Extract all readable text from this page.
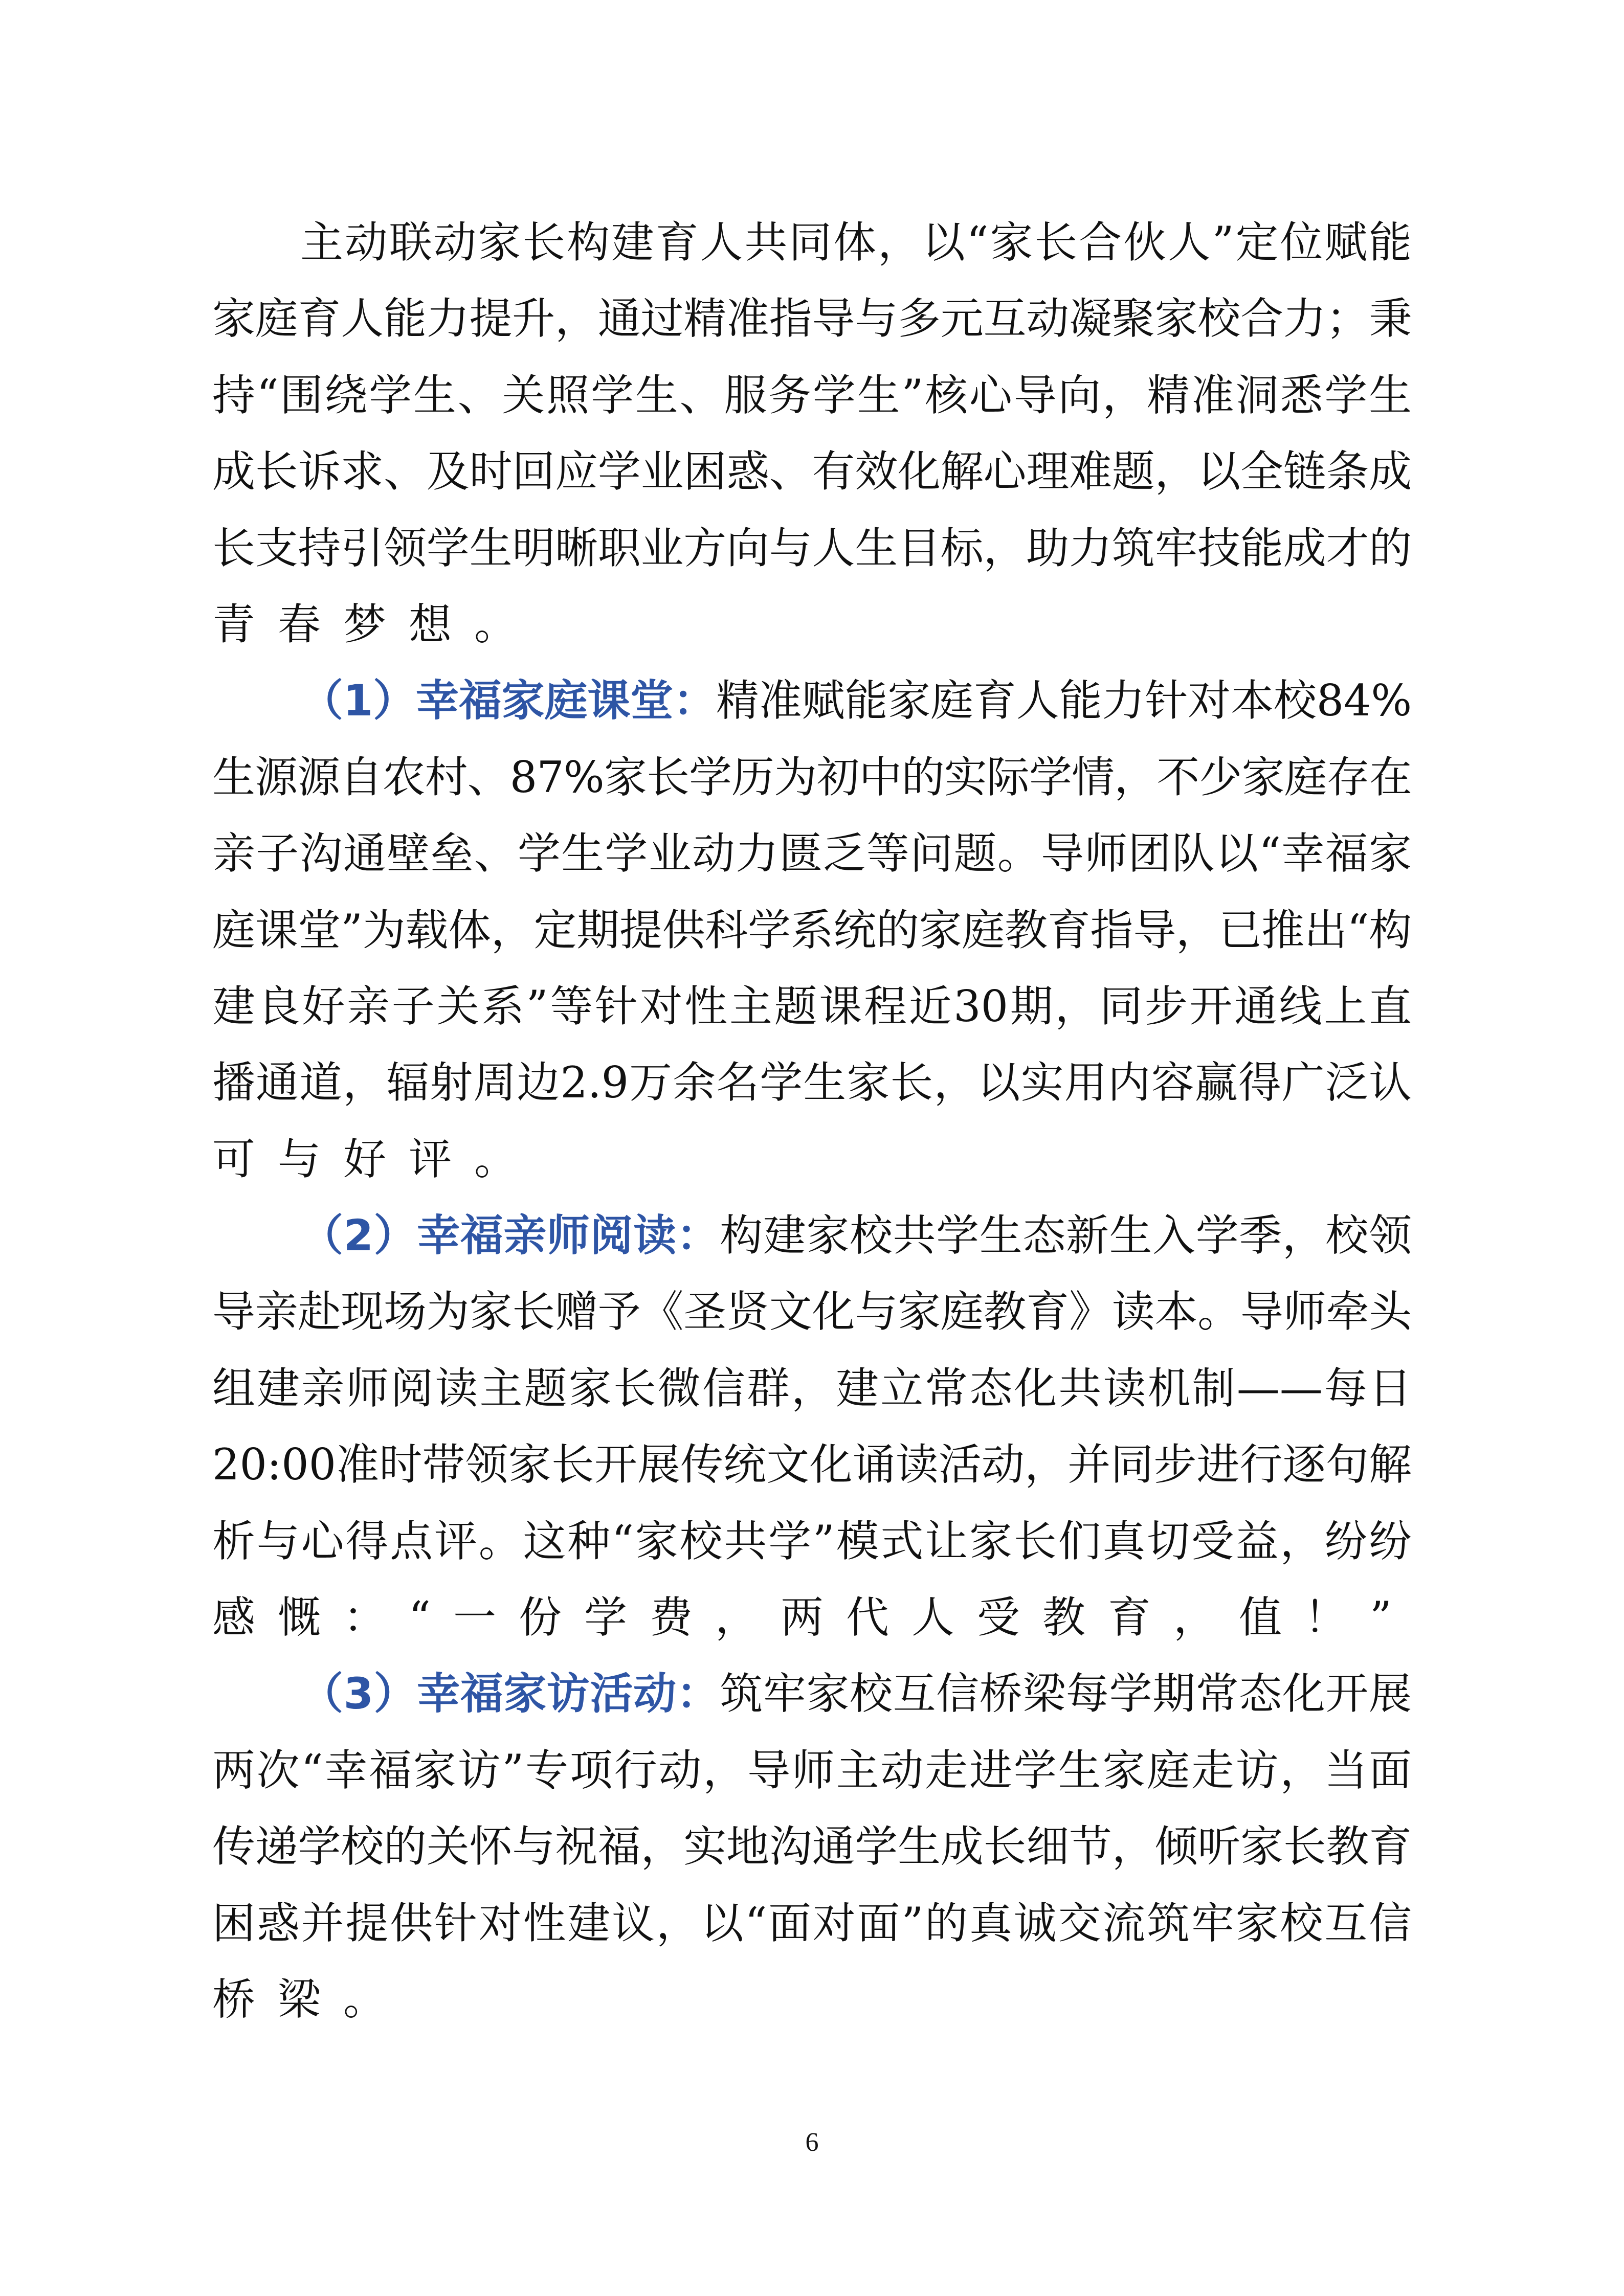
主动联动家长构建育人共同体，以“家长合伙人”定位赋能
家庭育人能力提升，通过精准指导与多元互动凝聚家校合力；秉
持“围绕学生、关照学生、服务学生”核心导向，精准洞悉学生
成长诉求、及时回应学业困惑、有效化解心理难题，以全链条成
长支持引领学生明晰职业方向与人生目标，助力筑牢技能成才的
青春梦想。
（1）幸福家庭课堂：精准赋能家庭育人能力针对本校84%
生源源自农村、87%家长学历为初中的实际学情，不少家庭存在
亲子沟通壁垒、学生学业动力匮乏等问题。导师团队以“幸福家
庭课堂”为载体，定期提供科学系统的家庭教育指导，已推出“构
建良好亲子关系”等针对性主题课程近30期，同步开通线上直
播通道，辐射周边2.9万余名学生家长，以实用内容赢得广泛认
可与好评。
（2）幸福亲师阅读：构建家校共学生态新生入学季，校领
导亲赴现场为家长赠予《圣贤文化与家庭教育》读本。导师牵头
组建亲师阅读主题家长微信群，建立常态化共读机制——每日
20:00准时带领家长开展传统文化诵读活动，并同步进行逐句解
析与心得点评。这种“家校共学”模式让家长们真切受益，纷纷
感慨：“一份学费，两代人受教育，值！”
（3）幸福家访活动：筑牢家校互信桥梁每学期常态化开展
两次“幸福家访”专项行动，导师主动走进学生家庭走访，当面
传递学校的关怀与祝福，实地沟通学生成长细节，倾听家长教育
困惑并提供针对性建议，以“面对面”的真诚交流筑牢家校互信
桥梁。
6
